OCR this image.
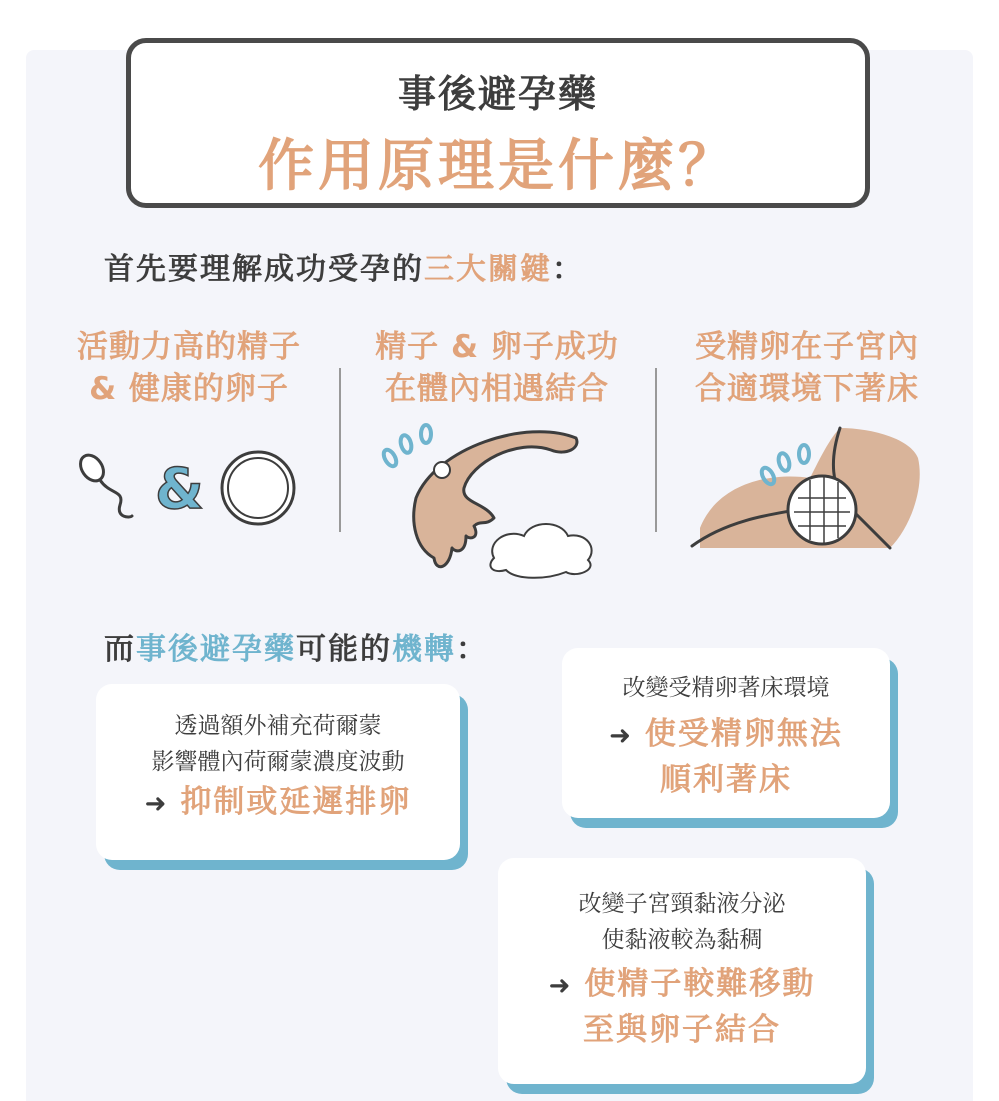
事後避孕藥
作用原理是什麼？
首先要理解成功受孕的三大關鍵：
活動力高的精子
& 健康的卵子
精子 & 卵子成功
在體內相遇結合
受精卵在子宮內
合適環境下著床
&
而事後避孕藥可能的機轉：
透過額外補充荷爾蒙
影響體內荷爾蒙濃度波動
➜ 抑制或延遲排卵
改變受精卵著床環境
➜ 使受精卵無法
順利著床
改變子宮頸黏液分泌
使黏液較為黏稠
➜ 使精子較難移動
至與卵子結合
